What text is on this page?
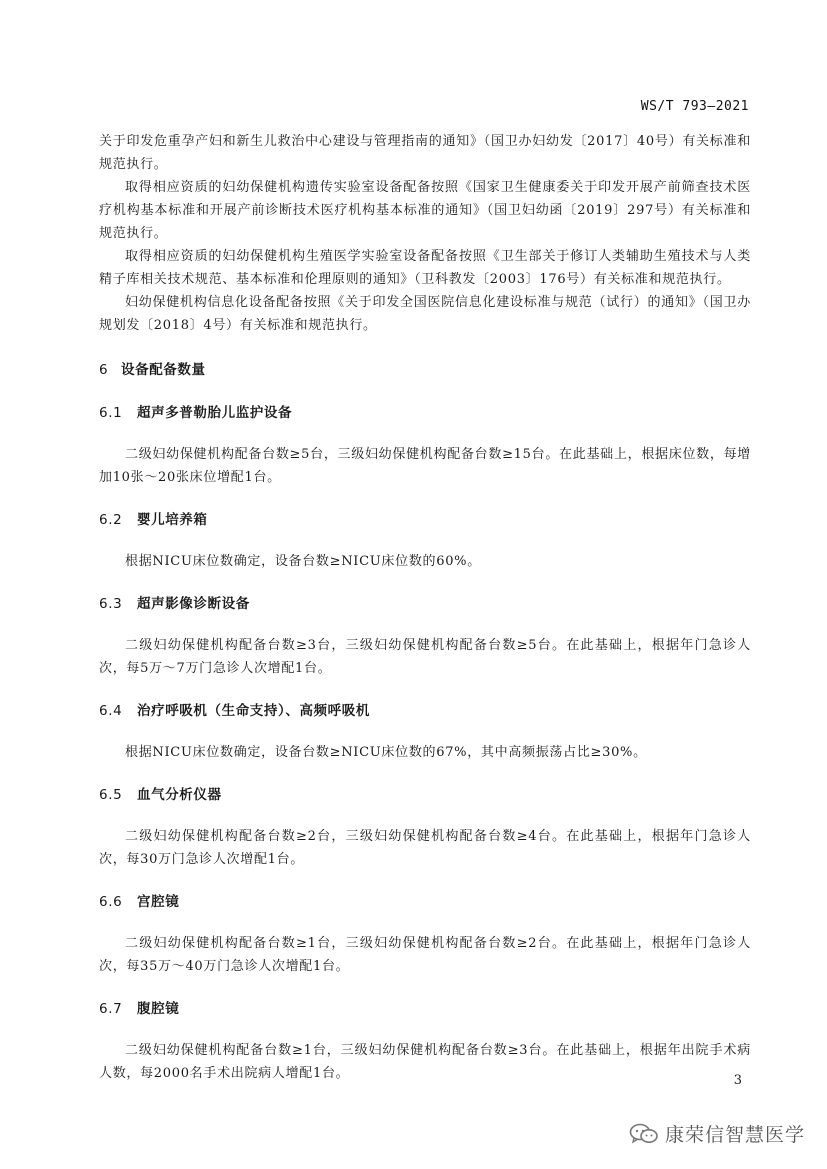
WS/T 793—2021

关于印发危重孕产妇和新生儿救治中心建设与管理指南的通知》（国卫办妇幼发〔2017〕40号）有关标准和规范执行。

取得相应资质的妇幼保健机构遗传实验室设备配备按照《国家卫生健康委关于印发开展产前筛查技术医疗机构基本标准和开展产前诊断技术医疗机构基本标准的通知》（国卫妇幼函〔2019〕297号）有关标准和规范执行。

取得相应资质的妇幼保健机构生殖医学实验室设备配备按照《卫生部关于修订人类辅助生殖技术与人类精子库相关技术规范、基本标准和伦理原则的通知》（卫科教发〔2003〕176号）有关标准和规范执行。

妇幼保健机构信息化设备配备按照《关于印发全国医院信息化建设标准与规范（试行）的通知》（国卫办规划发〔2018〕4号）有关标准和规范执行。

6 设备配备数量
6.1 超声多普勒胎儿监护设备

二级妇幼保健机构配备台数≥5台，三级妇幼保健机构配备台数≥15台。在此基础上，根据床位数，每增加10张～20张床位增配1台。

6.2 婴儿培养箱

根据NICU床位数确定，设备台数≥NICU床位数的60%。

6.3 超声影像诊断设备

二级妇幼保健机构配备台数≥3台，三级妇幼保健机构配备台数≥5台。在此基础上，根据年门急诊人次，每5万～7万门急诊人次增配1台。

6.4 治疗呼吸机（生命支持）、高频呼吸机

根据NICU床位数确定，设备台数≥NICU床位数的67%，其中高频振荡占比≥30%。

6.5 血气分析仪器

二级妇幼保健机构配备台数≥2台，三级妇幼保健机构配备台数≥4台。在此基础上，根据年门急诊人次，每30万门急诊人次增配1台。

6.6 宫腔镜

二级妇幼保健机构配备台数≥1台，三级妇幼保健机构配备台数≥2台。在此基础上，根据年门急诊人次，每35万～40万门急诊人次增配1台。

6.7 腹腔镜

二级妇幼保健机构配备台数≥1台，三级妇幼保健机构配备台数≥3台。在此基础上，根据年出院手术病人数，每2000名手术出院病人增配1台。	3
康荣信智慧医学
